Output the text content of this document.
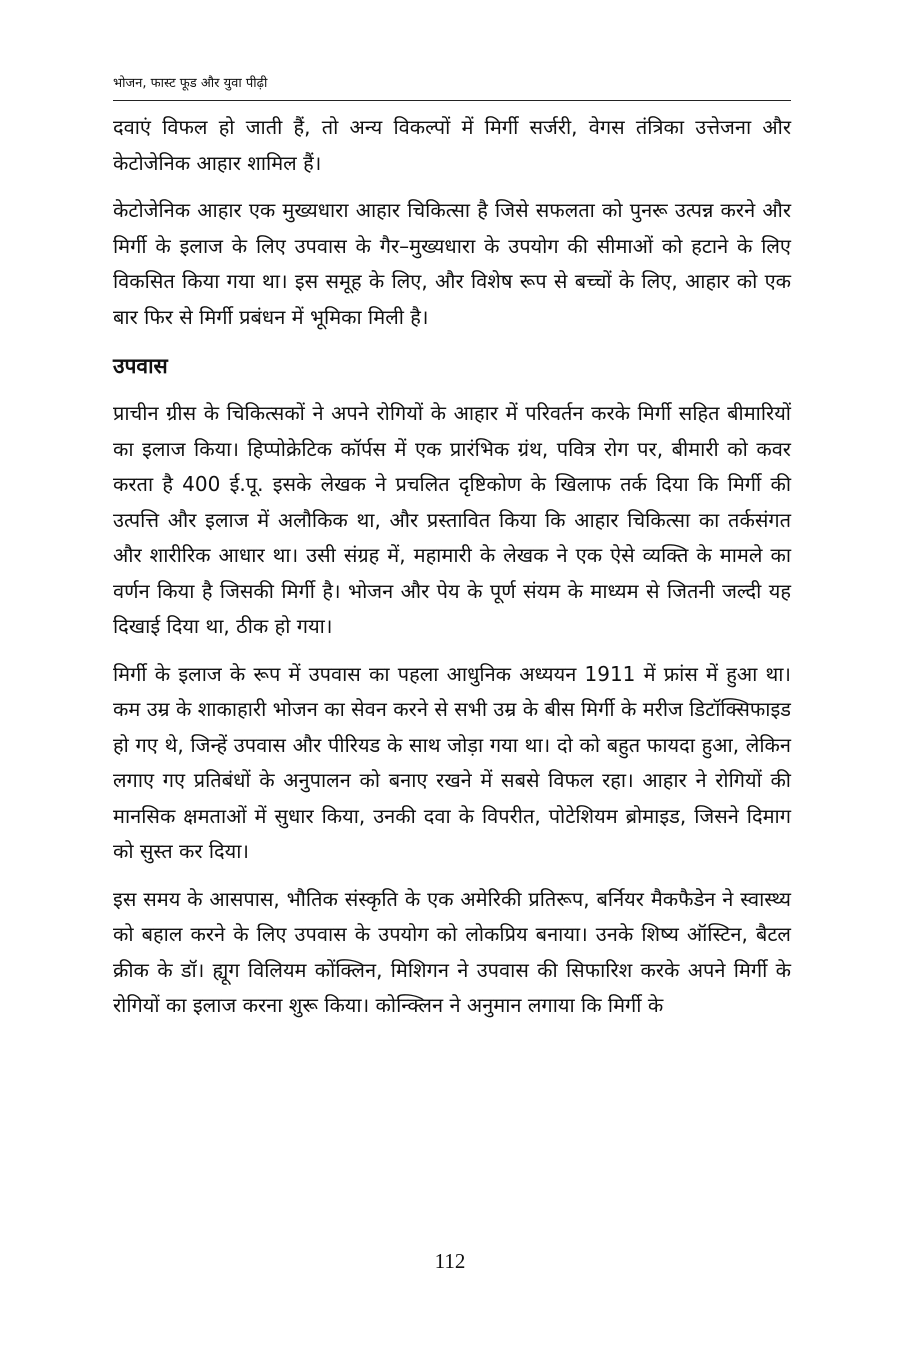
भोजन, फास्ट फूड और युवा पीढ़ी

दवाएं विफल हो जाती हैं, तो अन्य विकल्पों में मिर्गी सर्जरी, वेगस तंत्रिका उत्तेजना और केटोजेनिक आहार शामिल हैं।

केटोजेनिक आहार एक मुख्यधारा आहार चिकित्सा है जिसे सफलता को पुनरू उत्पन्न करने और मिर्गी के इलाज के लिए उपवास के गैर–मुख्यधारा के उपयोग की सीमाओं को हटाने के लिए विकसित किया गया था। इस समूह के लिए, और विशेष रूप से बच्चों के लिए, आहार को एक बार फिर से मिर्गी प्रबंधन में भूमिका मिली है।

उपवास

प्राचीन ग्रीस के चिकित्सकों ने अपने रोगियों के आहार में परिवर्तन करके मिर्गी सहित बीमारियों का इलाज किया। हिप्पोक्रेटिक कॉर्पस में एक प्रारंभिक ग्रंथ, पवित्र रोग पर, बीमारी को कवर करता है 400 ई.पू. इसके लेखक ने प्रचलित दृष्टिकोण के खिलाफ तर्क दिया कि मिर्गी की उत्पत्ति और इलाज में अलौकिक था, और प्रस्तावित किया कि आहार चिकित्सा का तर्कसंगत और शारीरिक आधार था। उसी संग्रह में, महामारी के लेखक ने एक ऐसे व्यक्ति के मामले का वर्णन किया है जिसकी मिर्गी है। भोजन और पेय के पूर्ण संयम के माध्यम से जितनी जल्दी यह दिखाई दिया था, ठीक हो गया।

मिर्गी के इलाज के रूप में उपवास का पहला आधुनिक अध्ययन 1911 में फ्रांस में हुआ था। कम उम्र के शाकाहारी भोजन का सेवन करने से सभी उम्र के बीस मिर्गी के मरीज डिटॉक्सिफाइड हो गए थे, जिन्हें उपवास और पीरियड के साथ जोड़ा गया था। दो को बहुत फायदा हुआ, लेकिन लगाए गए प्रतिबंधों के अनुपालन को बनाए रखने में सबसे विफल रहा। आहार ने रोगियों की मानसिक क्षमताओं में सुधार किया, उनकी दवा के विपरीत, पोटेशियम ब्रोमाइड, जिसने दिमाग को सुस्त कर दिया।

इस समय के आसपास, भौतिक संस्कृति के एक अमेरिकी प्रतिरूप, बर्नियर मैकफैडेन ने स्वास्थ्य को बहाल करने के लिए उपवास के उपयोग को लोकप्रिय बनाया। उनके शिष्य ऑस्टिन, बैटल क्रीक के डॉ। ह्यूग विलियम कोंक्लिन, मिशिगन ने उपवास की सिफारिश करके अपने मिर्गी के रोगियों का इलाज करना शुरू किया। कोन्क्लिन ने अनुमान लगाया कि मिर्गी के

112
